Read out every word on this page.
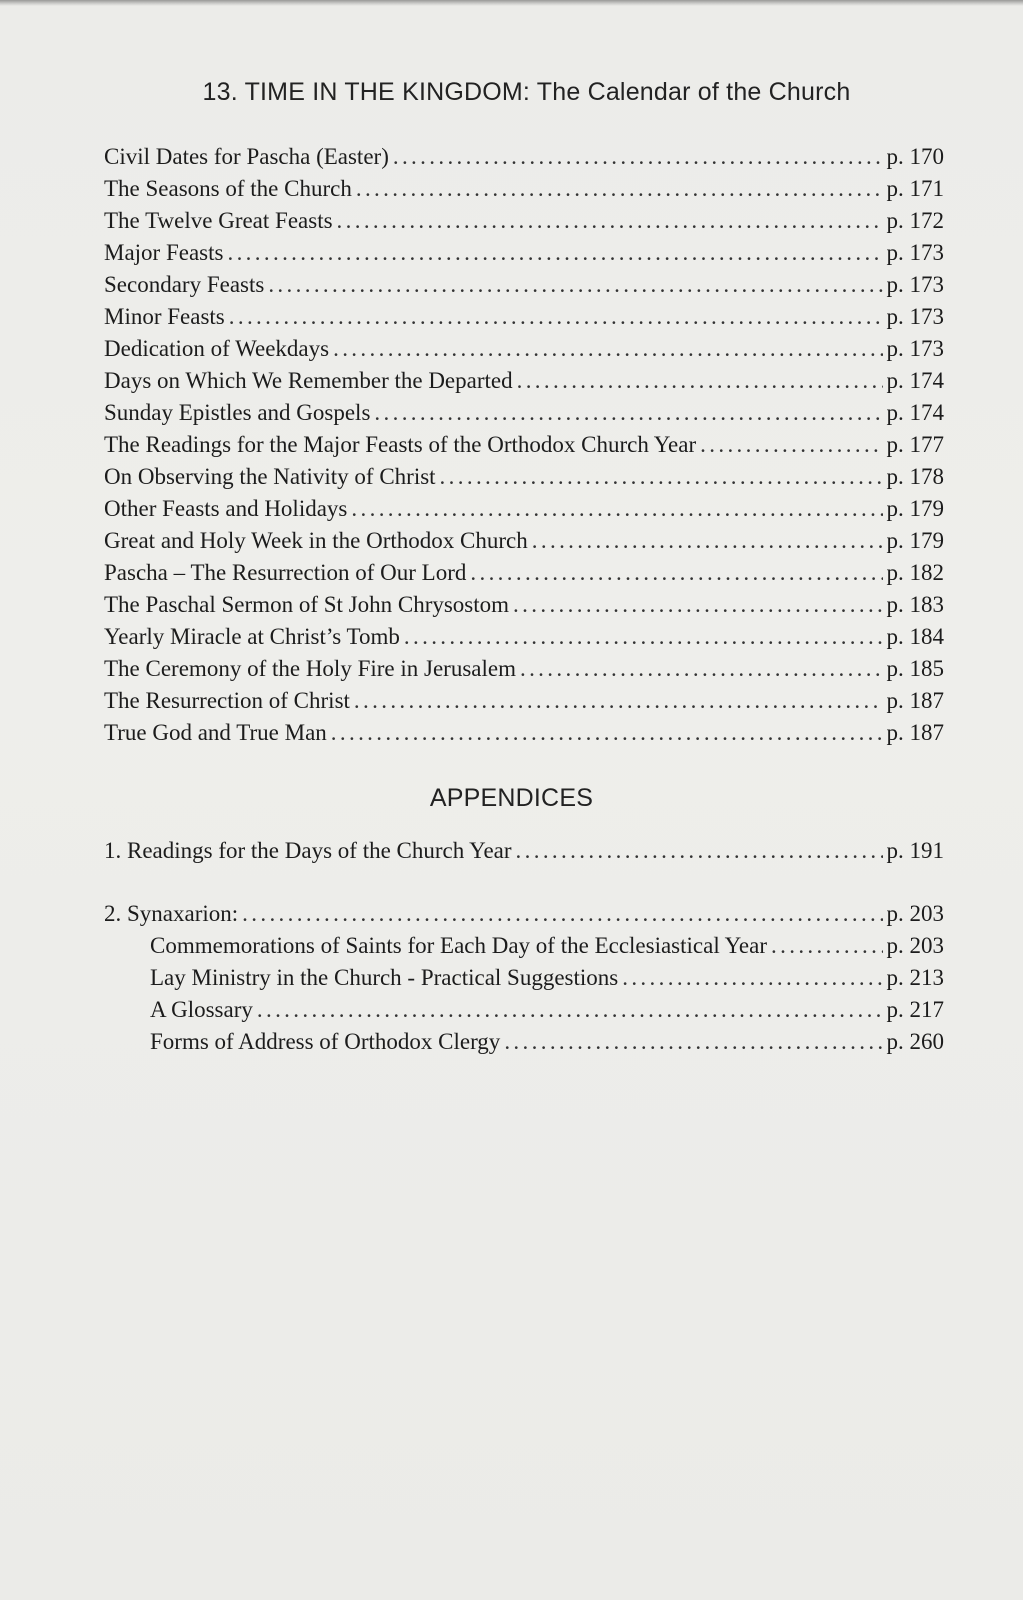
13. TIME IN THE KINGDOM: The Calendar of the Church
Civil Dates for Pascha (Easter) . . .	p. 170
The Seasons of the Church . . .	p. 171
The Twelve Great Feasts . . .	p. 172
Major Feasts . . .	p. 173
Secondary Feasts . . .	p. 173
Minor Feasts . . .	p. 173
Dedication of Weekdays . . .	p. 173
Days on Which We Remember the Departed . . .	p. 174
Sunday Epistles and Gospels . . .	p. 174
The Readings for the Major Feasts of the Orthodox Church Year . . .	p. 177
On Observing the Nativity of Christ . . .	p. 178
Other Feasts and Holidays . . .	p. 179
Great and Holy Week in the Orthodox Church . . .	p. 179
Pascha – The Resurrection of Our Lord . . .	p. 182
The Paschal Sermon of St John Chrysostom . . .	p. 183
Yearly Miracle at Christ’s Tomb . . .	p. 184
The Ceremony of the Holy Fire in Jerusalem . . .	p. 185
The Resurrection of Christ . . .	p. 187
True God and True Man . . .	p. 187
APPENDICES
1. Readings for the Days of the Church Year . . .	p. 191
2. Synaxarion: . . .	p. 203
Commemorations of Saints for Each Day of the Ecclesiastical Year . . .	p. 203
Lay Ministry in the Church - Practical Suggestions . . .	p. 213
A Glossary . . .	p. 217
Forms of Address of Orthodox Clergy . . .	p. 260
